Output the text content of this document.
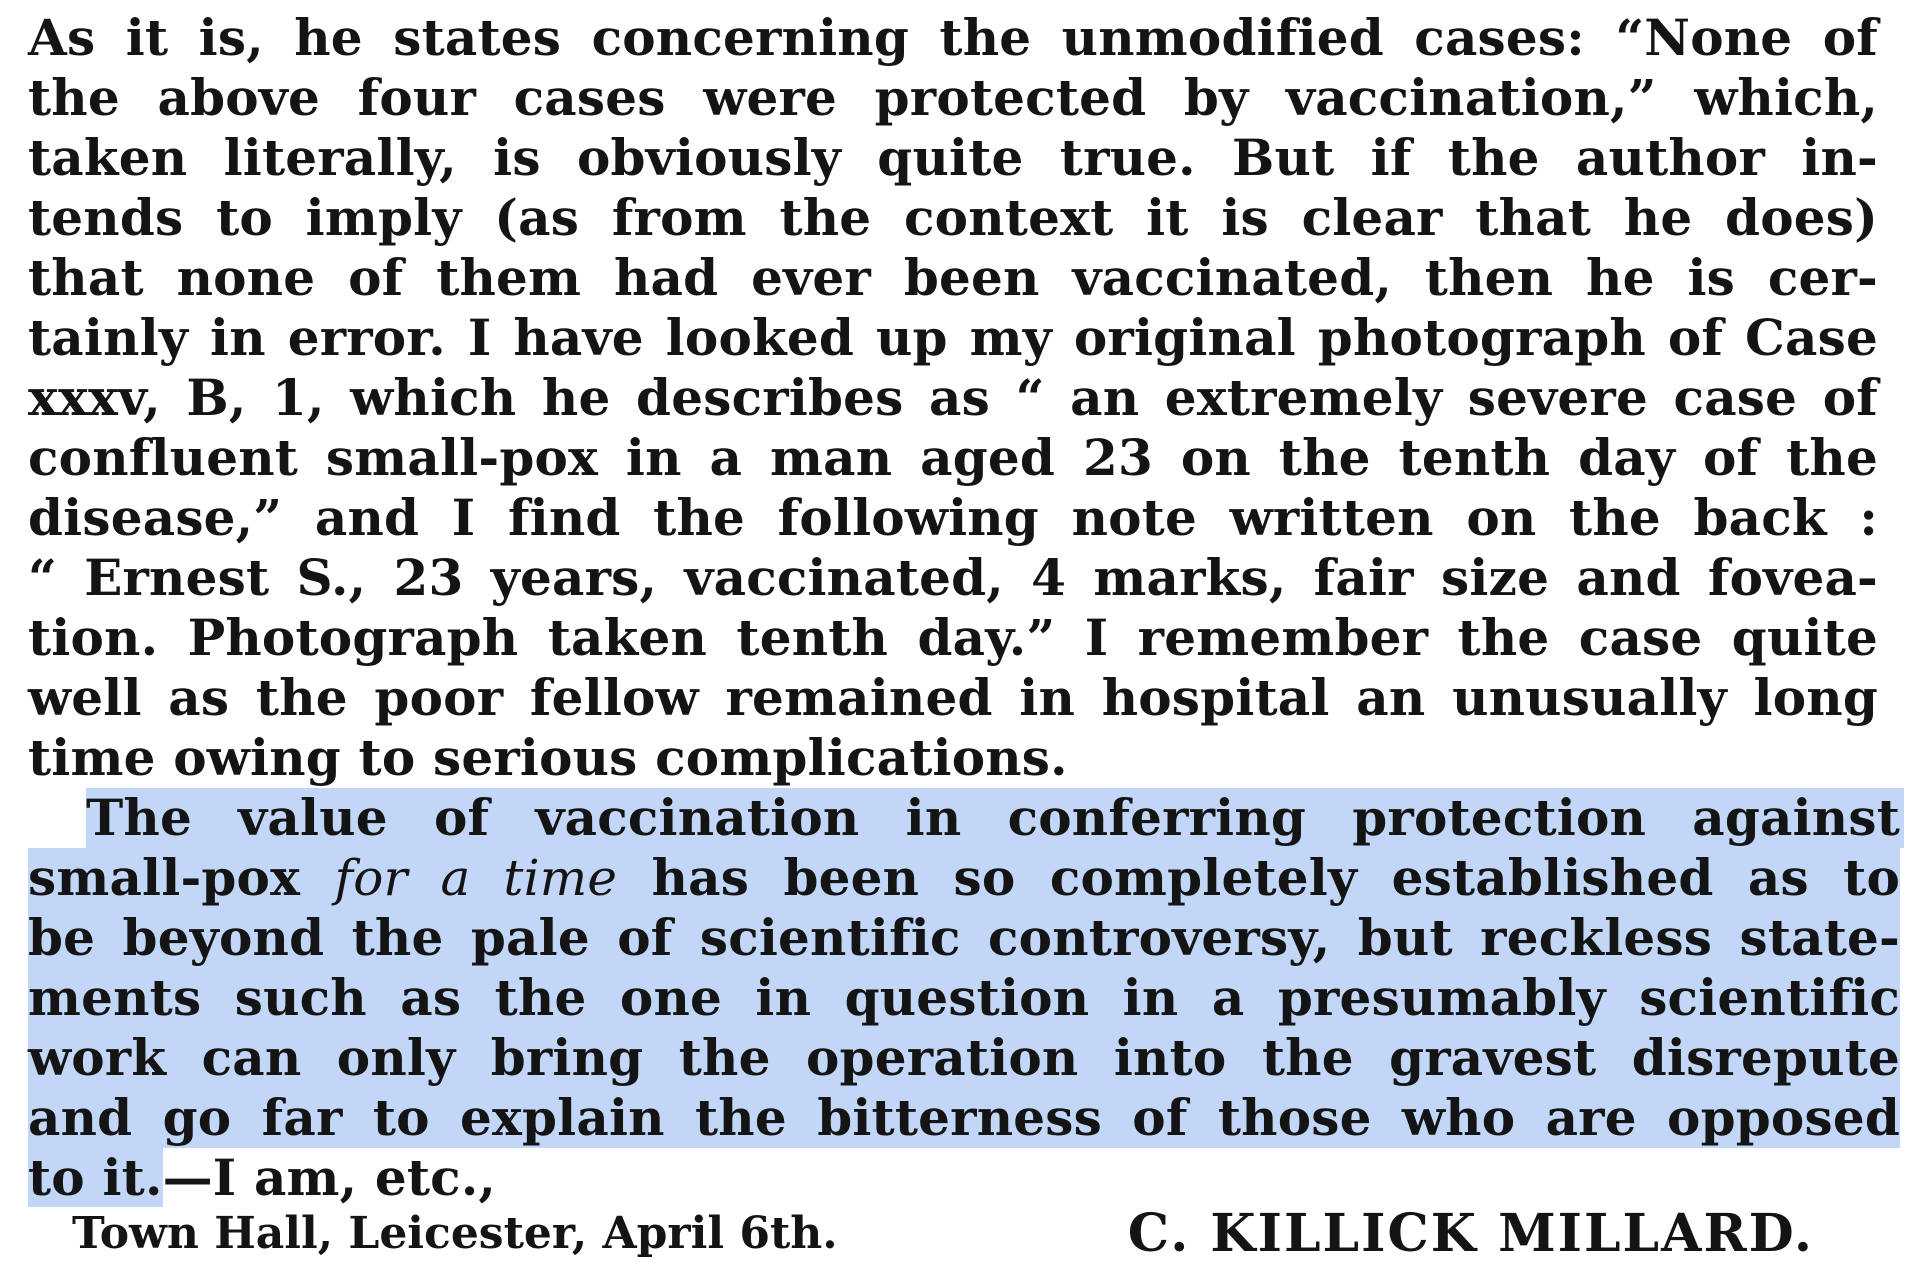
As it is, he states concerning the unmodified cases: “None of
the above four cases were protected by vaccination,” which,
taken literally, is obviously quite true. But if the author in-
tends to imply (as from the context it is clear that he does)
that none of them had ever been vaccinated, then he is cer-
tainly in error. I have looked up my original photograph of Case
xxxv, B, 1, which he describes as “ an extremely severe case of
confluent small-pox in a man aged 23 on the tenth day of the
disease,” and I find the following note written on the back :
“ Ernest S., 23 years, vaccinated, 4 marks, fair size and fovea-
tion. Photograph taken tenth day.” I remember the case quite
well as the poor fellow remained in hospital an unusually long
time owing to serious complications.
The value of vaccination in conferring protection against
small-pox for a time has been so completely established as to
be beyond the pale of scientific controversy, but reckless state-
ments such as the one in question in a presumably scientific
work can only bring the operation into the gravest disrepute
and go far to explain the bitterness of those who are opposed
to it.—I am, etc.,
Town Hall, Leicester, April 6th.	C. KILLICK MILLARD.
